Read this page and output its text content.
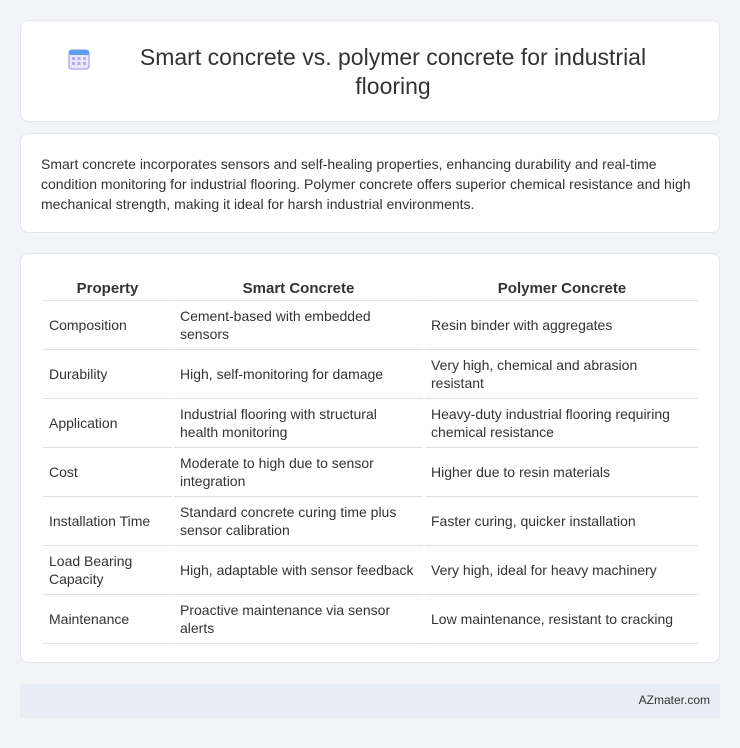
Smart concrete vs. polymer concrete for industrial flooring

Smart concrete incorporates sensors and self-healing properties, enhancing durability and real-time condition monitoring for industrial flooring. Polymer concrete offers superior chemical resistance and high mechanical strength, making it ideal for harsh industrial environments.

Property	Smart Concrete	Polymer Concrete
Composition	Cement-based with embedded sensors	Resin binder with aggregates
Durability	High, self-monitoring for damage	Very high, chemical and abrasion resistant
Application	Industrial flooring with structural health monitoring	Heavy-duty industrial flooring requiring chemical resistance
Cost	Moderate to high due to sensor integration	Higher due to resin materials
Installation Time	Standard concrete curing time plus sensor calibration	Faster curing, quicker installation
Load Bearing Capacity	High, adaptable with sensor feedback	Very high, ideal for heavy machinery
Maintenance	Proactive maintenance via sensor alerts	Low maintenance, resistant to cracking
AZmater.com
